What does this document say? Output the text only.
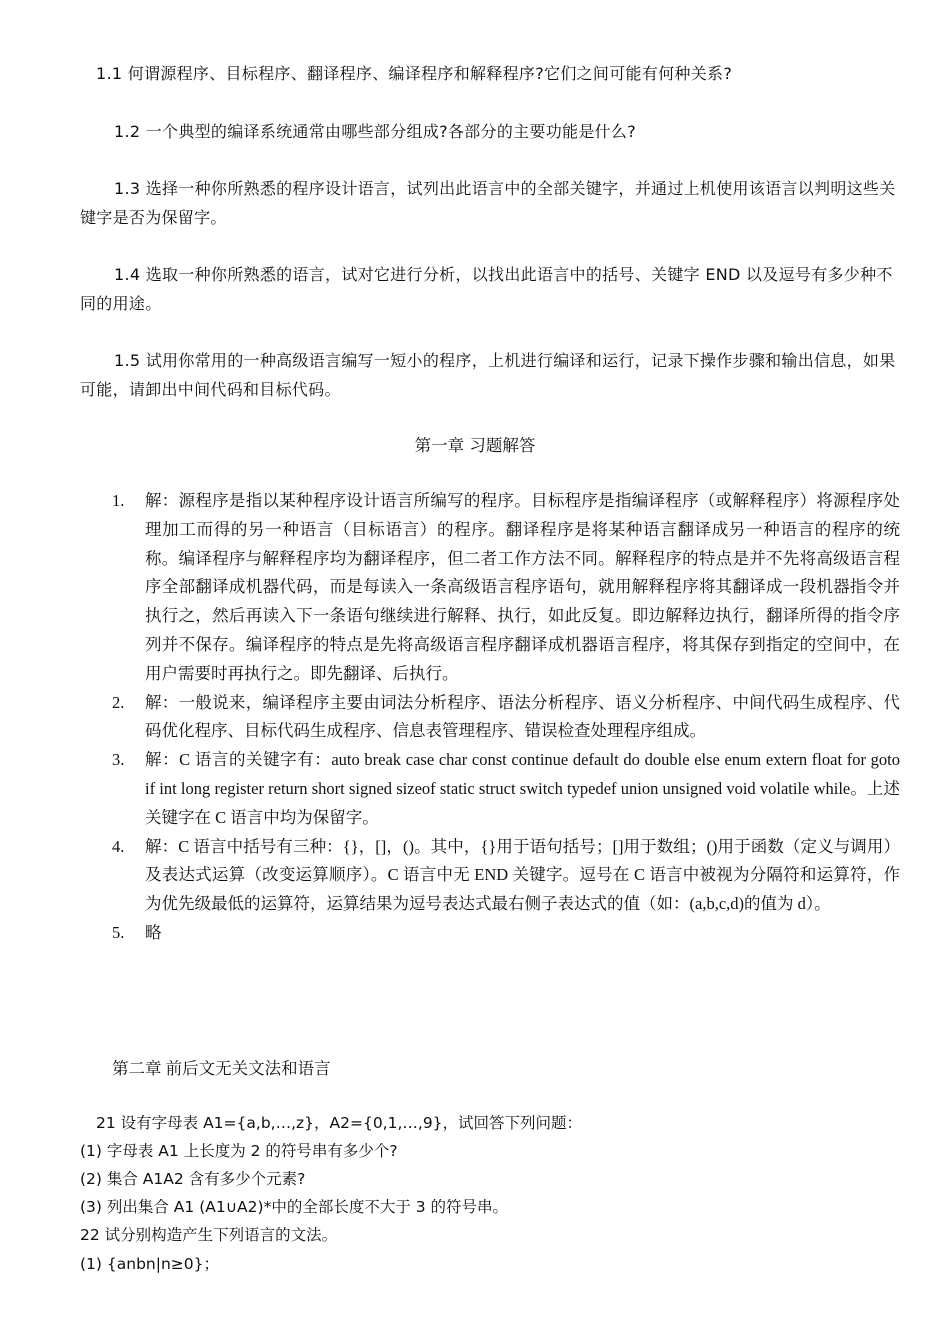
1.1 何谓源程序、目标程序、翻译程序、编译程序和解释程序?它们之间可能有何种关系?

1.2 一个典型的编译系统通常由哪些部分组成?各部分的主要功能是什么?

1.3 选择一种你所熟悉的程序设计语言，试列出此语言中的全部关键字，并通过上机使用该语言以判明这些关键字是否为保留字。

1.4 选取一种你所熟悉的语言，试对它进行分析，以找出此语言中的括号、关键字 END 以及逗号有多少种不同的用途。

1.5 试用你常用的一种高级语言编写一短小的程序，上机进行编译和运行，记录下操作步骤和输出信息，如果可能，请卸出中间代码和目标代码。

第一章 习题解答

1. 解：源程序是指以某种程序设计语言所编写的程序。目标程序是指编译程序（或解释程序）将源程序处理加工而得的另一种语言（目标语言）的程序。翻译程序是将某种语言翻译成另一种语言的程序的统称。编译程序与解释程序均为翻译程序，但二者工作方法不同。解释程序的特点是并不先将高级语言程序全部翻译成机器代码，而是每读入一条高级语言程序语句，就用解释程序将其翻译成一段机器指令并执行之，然后再读入下一条语句继续进行解释、执行，如此反复。即边解释边执行，翻译所得的指令序列并不保存。编译程序的特点是先将高级语言程序翻译成机器语言程序，将其保存到指定的空间中，在用户需要时再执行之。即先翻译、后执行。
2. 解：一般说来，编译程序主要由词法分析程序、语法分析程序、语义分析程序、中间代码生成程序、代码优化程序、目标代码生成程序、信息表管理程序、错误检查处理程序组成。
3. 解：C 语言的关键字有：auto break case char const continue default do double else enum extern float for goto if int long register return short signed sizeof static struct switch typedef union unsigned void volatile while。上述关键字在 C 语言中均为保留字。
4. 解：C 语言中括号有三种：{}，[]，()。其中，{}用于语句括号；[]用于数组；()用于函数（定义与调用）及表达式运算（改变运算顺序）。C 语言中无 END 关键字。逗号在 C 语言中被视为分隔符和运算符，作为优先级最低的运算符，运算结果为逗号表达式最右侧子表达式的值（如：(a,b,c,d)的值为 d）。
5. 略

第二章 前后文无关文法和语言

21 设有字母表 A1={a,b,…,z}，A2={0,1,…,9}，试回答下列问题：

(1) 字母表 A1 上长度为 2 的符号串有多少个?

(2) 集合 A1A2 含有多少个元素?

(3) 列出集合 A1 (A1∪A2)*中的全部长度不大于 3 的符号串。

22 试分别构造产生下列语言的文法。

(1) {anbn|n≥0}；
